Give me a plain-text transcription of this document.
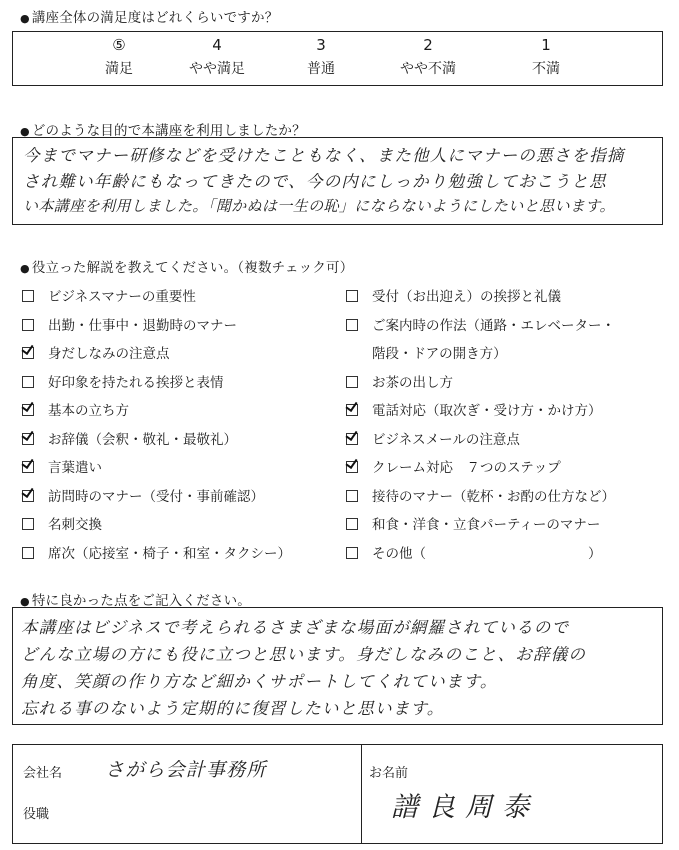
● 講座全体の満足度はどれくらいですか？
⑤
満足
4
やや満足
3
普通
2
やや不満
1
不満
● どのような目的で本講座を利用しましたか？
今までマナー研修などを受けたこともなく、また他人にマナーの悪さを指摘
され難い年齢にもなってきたので、今の内にしっかり勉強しておこうと思
い本講座を利用しました。「聞かぬは一生の恥」にならないようにしたいと思います。
● 役立った解説を教えてください。（複数チェック可）
ビジネスマナーの重要性
出勤・仕事中・退勤時のマナー
身だしなみの注意点
好印象を持たれる挨拶と表情
基本の立ち方
お辞儀（会釈・敬礼・最敬礼）
言葉遣い
訪問時のマナー（受付・事前確認）
名刺交換
席次（応接室・椅子・和室・タクシー）
受付（お出迎え）の挨拶と礼儀
ご案内時の作法（通路・エレベーター・
階段・ドアの開き方）
お茶の出し方
電話対応（取次ぎ・受け方・かけ方）
ビジネスメールの注意点
クレーム対応　７つのステップ
接待のマナー（乾杯・お酌の仕方など）
和食・洋食・立食パーティーのマナー
その他（　　　　　　　　　　　　）
● 特に良かった点をご記入ください。
本講座はビジネスで考えられるさまざまな場面が網羅されているので
どんな立場の方にも役に立つと思います。身だしなみのこと、お辞儀の
角度、笑顔の作り方など細かくサポートしてくれています。
忘れる事のないよう定期的に復習したいと思います。
会社名 さがら会計事務所
役職
お名前
譜良周泰
